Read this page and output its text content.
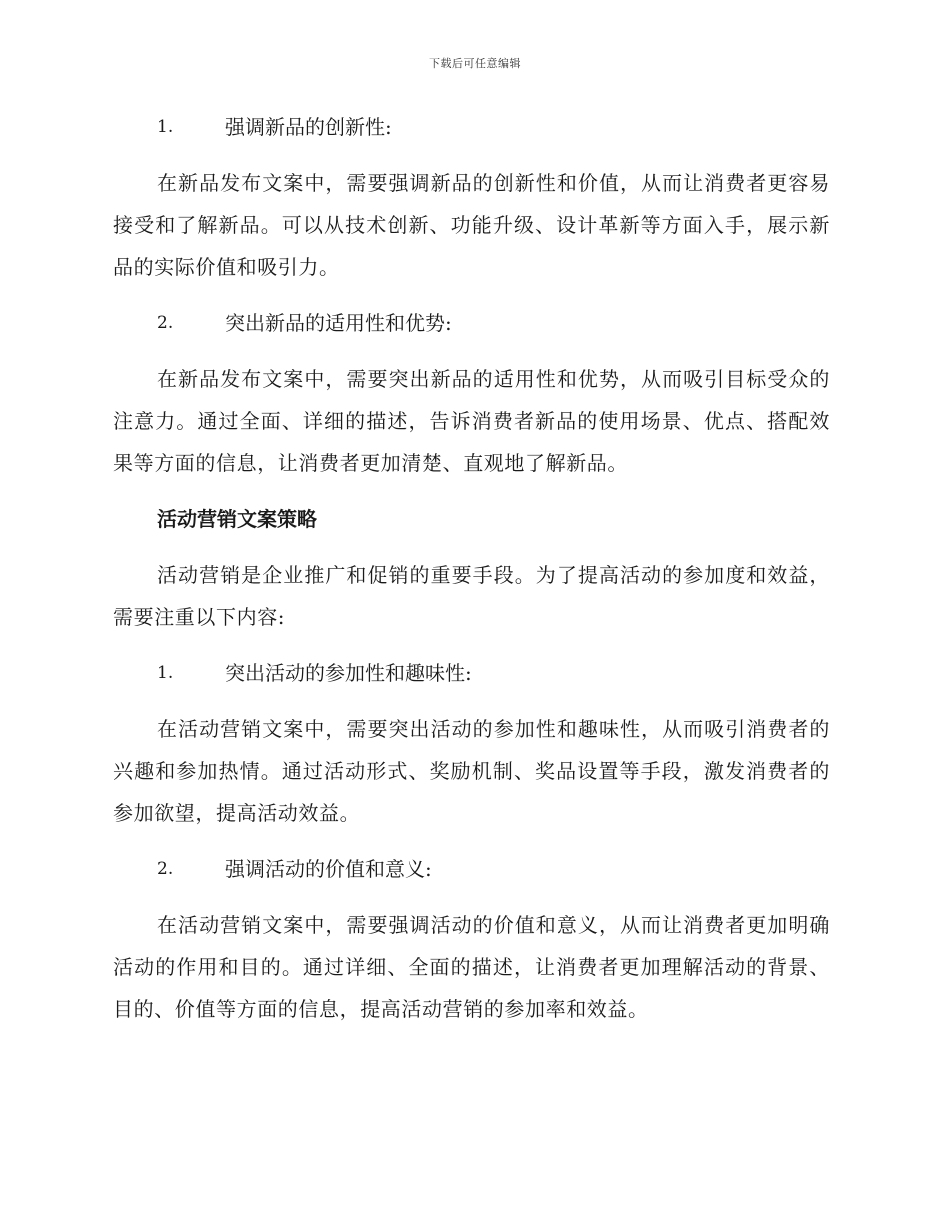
下载后可任意编辑
1.	强调新品的创新性:

在新品发布文案中，需要强调新品的创新性和价值，从而让消费者更容易接受和了解新品。可以从技术创新、功能升级、设计革新等方面入手，展示新品的实际价值和吸引力。

2.	突出新品的适用性和优势:

在新品发布文案中，需要突出新品的适用性和优势，从而吸引目标受众的注意力。通过全面、详细的描述，告诉消费者新品的使用场景、优点、搭配效果等方面的信息，让消费者更加清楚、直观地了解新品。

活动营销文案策略

活动营销是企业推广和促销的重要手段。为了提高活动的参加度和效益，需要注重以下内容:

1.	突出活动的参加性和趣味性:

在活动营销文案中，需要突出活动的参加性和趣味性，从而吸引消费者的兴趣和参加热情。通过活动形式、奖励机制、奖品设置等手段，激发消费者的参加欲望，提高活动效益。

2.	强调活动的价值和意义:

在活动营销文案中，需要强调活动的价值和意义，从而让消费者更加明确活动的作用和目的。通过详细、全面的描述，让消费者更加理解活动的背景、目的、价值等方面的信息，提高活动营销的参加率和效益。
